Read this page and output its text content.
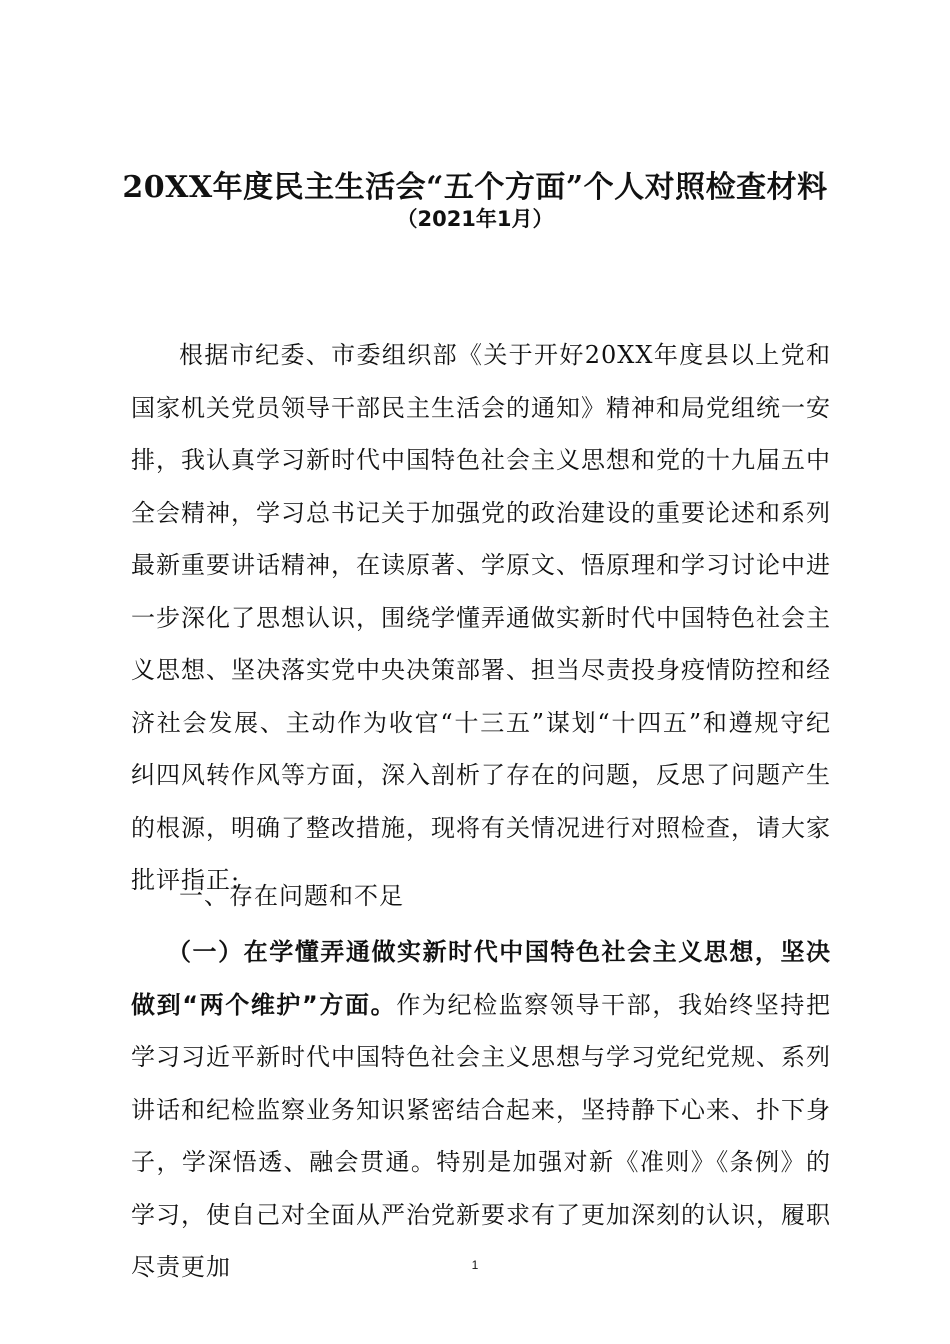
20XX年度民主生活会“五个方面”个人对照检查材料
（2021年1月）
根据市纪委、市委组织部《关于开好20XX年度县以上党和国家机关党员领导干部民主生活会的通知》精神和局党组统一安排，我认真学习新时代中国特色社会主义思想和党的十九届五中全会精神，学习总书记关于加强党的政治建设的重要论述和系列最新重要讲话精神，在读原著、学原文、悟原理和学习讨论中进一步深化了思想认识，围绕学懂弄通做实新时代中国特色社会主义思想、坚决落实党中央决策部署、担当尽责投身疫情防控和经济社会发展、主动作为收官“十三五”谋划“十四五”和遵规守纪纠四风转作风等方面，深入剖析了存在的问题，反思了问题产生的根源，明确了整改措施，现将有关情况进行对照检查，请大家批评指正:
一、存在问题和不足
（一）在学懂弄通做实新时代中国特色社会主义思想，坚决做到“两个维护”方面。作为纪检监察领导干部，我始终坚持把学习习近平新时代中国特色社会主义思想与学习党纪党规、系列讲话和纪检监察业务知识紧密结合起来，坚持静下心来、扑下身子，学深悟透、融会贯通。特别是加强对新《准则》《条例》的学习，使自己对全面从严治党新要求有了更加深刻的认识，履职尽责更加	1
